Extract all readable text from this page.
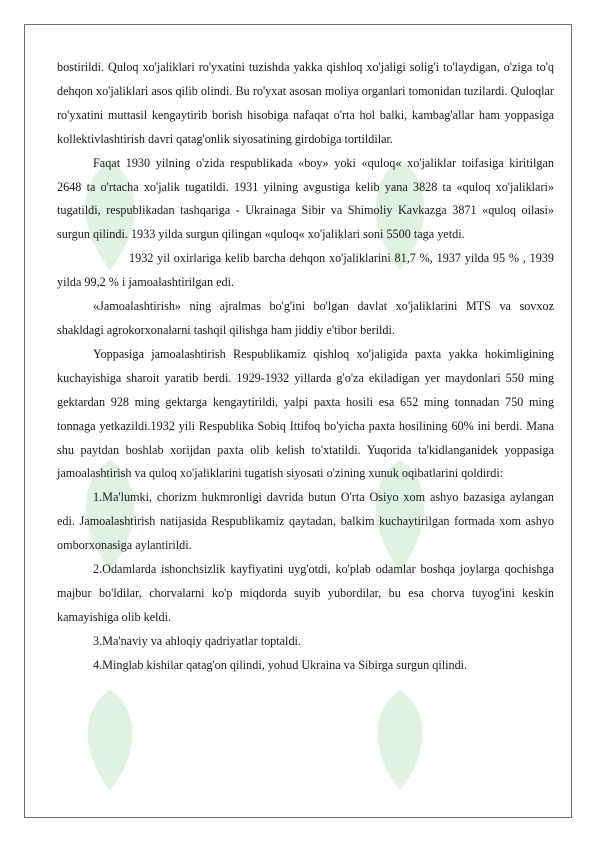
bostirildi. Quloq xo'jaliklari ro'yxatini tuzishda yakka qishloq xo'jaligi solig'i to'laydigan, o'ziga to'q dehqon xo'jaliklari asos qilib olindi. Bu ro'yxat asosan moliya organlari tomonidan tuzilardi. Quloqlar ro'yxatini muttasil kengaytirib borish hisobiga nafaqat o'rta hol balki, kambag'allar ham yoppasiga kollektivlashtirish davri qatag'onlik siyosatining girdobiga tortildilar.

Faqat 1930 yilning o'zida respublikada «boy» yoki «quloq« xo'jaliklar toifasiga kiritilgan 2648 ta o'rtacha xo'jalik tugatildi. 1931 yilning avgustiga kelib yana 3828 ta «quloq xo'jaliklari» tugatildi, respublikadan tashqariga - Ukrainaga Sibir va Shimoliy Kavkazga 3871 «quloq oilasi» surgun qilindi. 1933 yilda surgun qilingan «quloq« xo'jaliklari soni 5500 taga yetdi.

1932 yil oxirlariga kelib barcha dehqon xo'jaliklarini 81,7 %, 1937 yilda 95 % , 1939 yilda 99,2 % i jamoalashtirilgan edi.

«Jamoalashtirish» ning ajralmas bo'g'ini bo'lgan davlat xo'jaliklarini MTS va sovxoz shakldagi agrokorxonalarni tashqil qilishga ham jiddiy e'tibor berildi.

Yoppasiga jamoalashtirish Respublikamiz qishloq xo'jaligida paxta yakka hokimligining kuchayishiga sharoit yaratib berdi. 1929-1932 yillarda g'o'za ekiladigan yer maydonlari 550 ming gektardan 928 ming gektarga kengaytirildi, yalpi paxta hosili esa 652 ming tonnadan 750 ming tonnaga yetkazildi.1932 yili Respublika Sobiq Ittifoq bo'yicha paxta hosilining 60% ini berdi. Mana shu paytdan boshlab xorijdan paxta olib kelish to'xtatildi. Yuqorida ta'kidlanganidek yoppasiga jamoalashtirish va quloq xo'jaliklarini tugatish siyosati o'zining xunuk oqibatlarini qoldirdi:

1.Ma'lumki, chorizm hukmronligi davrida butun O'rta Osiyo xom ashyo bazasiga aylangan edi. Jamoalashtirish natijasida Respublikamiz qaytadan, balkim kuchaytirilgan formada xom ashyo omborxonasiga aylantirildi.

2.Odamlarda ishonchsizlik kayfiyatini uyg'otdi, ko'plab odamlar boshqa joylarga qochishga majbur bo'ldilar, chorvalarni ko'p miqdorda suyib yubordilar, bu esa chorva tuyog'ini keskin kamayishiga olib keldi.

3.Ma'naviy va ahloqiy qadriyatlar toptaldi.

4.Minglab kishilar qatag'on qilindi, yohud Ukraina va Sibirga surgun qilindi.
